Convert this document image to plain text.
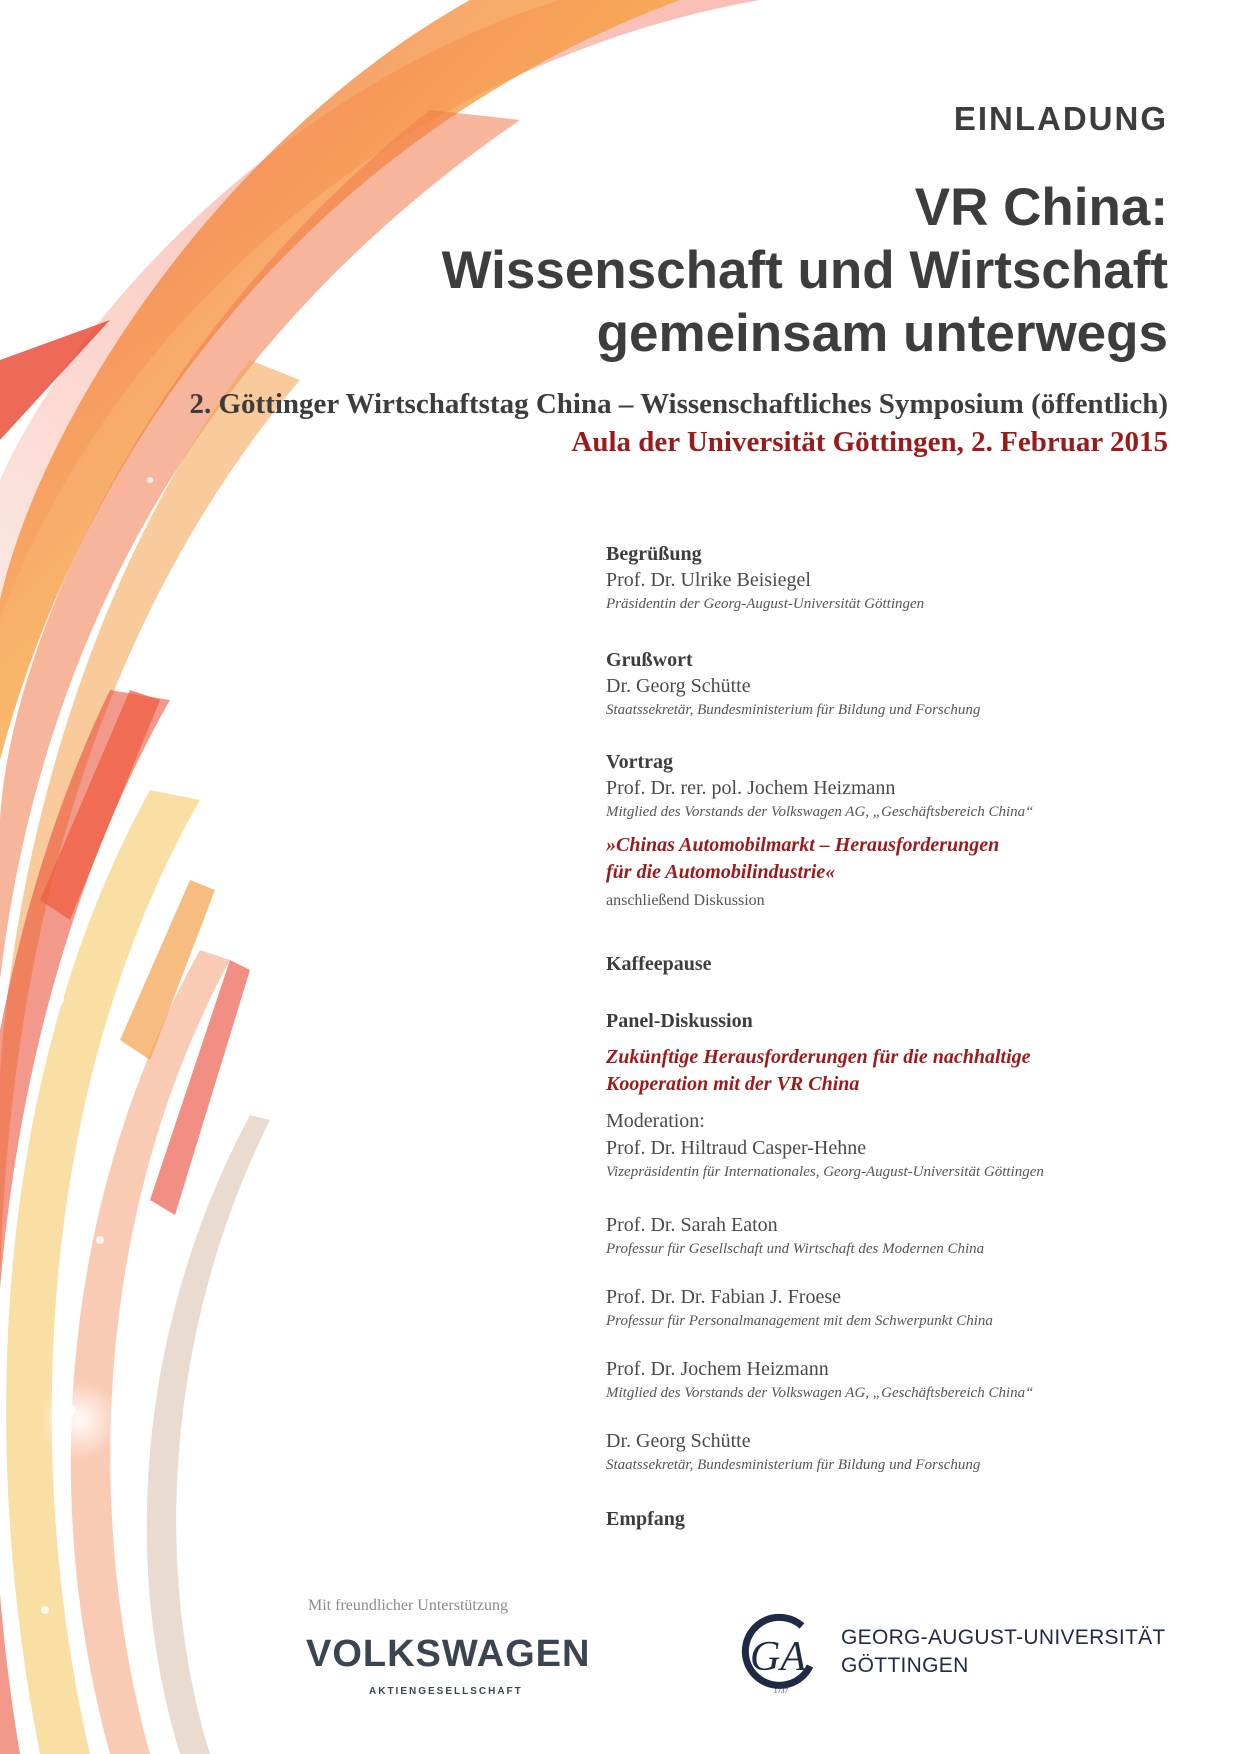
EINLADUNG
VR China:
Wissenschaft und Wirtschaft
gemeinsam unterwegs
2. Göttinger Wirtschaftstag China – Wissenschaftliches Symposium (öffentlich)
Aula der Universität Göttingen, 2. Februar 2015
Begrüßung
Prof. Dr. Ulrike Beisiegel
Präsidentin der Georg-August-Universität Göttingen
Grußwort
Dr. Georg Schütte
Staatssekretär, Bundesministerium für Bildung und Forschung
Vortrag
Prof. Dr. rer. pol. Jochem Heizmann
Mitglied des Vorstands der Volkswagen AG, „Geschäftsbereich China“
»Chinas Automobilmarkt – Herausforderungen
für die Automobilindustrie«
anschließend Diskussion
Kaffeepause
Panel-Diskussion
Zukünftige Herausforderungen für die nachhaltige
Kooperation mit der VR China
Moderation:
Prof. Dr. Hiltraud Casper-Hehne
Vizepräsidentin für Internationales, Georg-August-Universität Göttingen
Prof. Dr. Sarah Eaton
Professur für Gesellschaft und Wirtschaft des Modernen China
Prof. Dr. Dr. Fabian J. Froese
Professur für Personalmanagement mit dem Schwerpunkt China
Prof. Dr. Jochem Heizmann
Mitglied des Vorstands der Volkswagen AG, „Geschäftsbereich China“
Dr. Georg Schütte
Staatssekretär, Bundesministerium für Bildung und Forschung
Empfang
Mit freundlicher Unterstützung
VOLKSWAGEN
AKTIENGESELLSCHAFT
GA
1737
GEORG-AUGUST-UNIVERSITÄT
GÖTTINGEN
